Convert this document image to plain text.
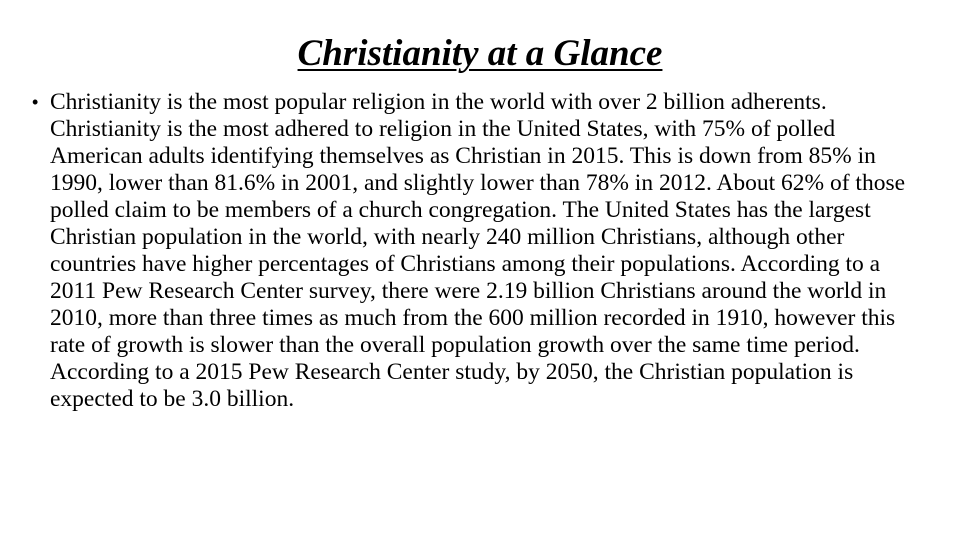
Christianity at a Glance
• Christianity is the most popular religion in the world with over 2 billion adherents. Christianity is the most adhered to religion in the United States, with 75% of polled American adults identifying themselves as Christian in 2015. This is down from 85% in 1990, lower than 81.6% in 2001, and slightly lower than 78% in 2012. About 62% of those polled claim to be members of a church congregation. The United States has the largest Christian population in the world, with nearly 240 million Christians, although other countries have higher percentages of Christians among their populations. According to a 2011 Pew Research Center survey, there were 2.19 billion Christians around the world in 2010, more than three times as much from the 600 million recorded in 1910, however this rate of growth is slower than the overall population growth over the same time period. According to a 2015 Pew Research Center study, by 2050, the Christian population is expected to be 3.0 billion.
